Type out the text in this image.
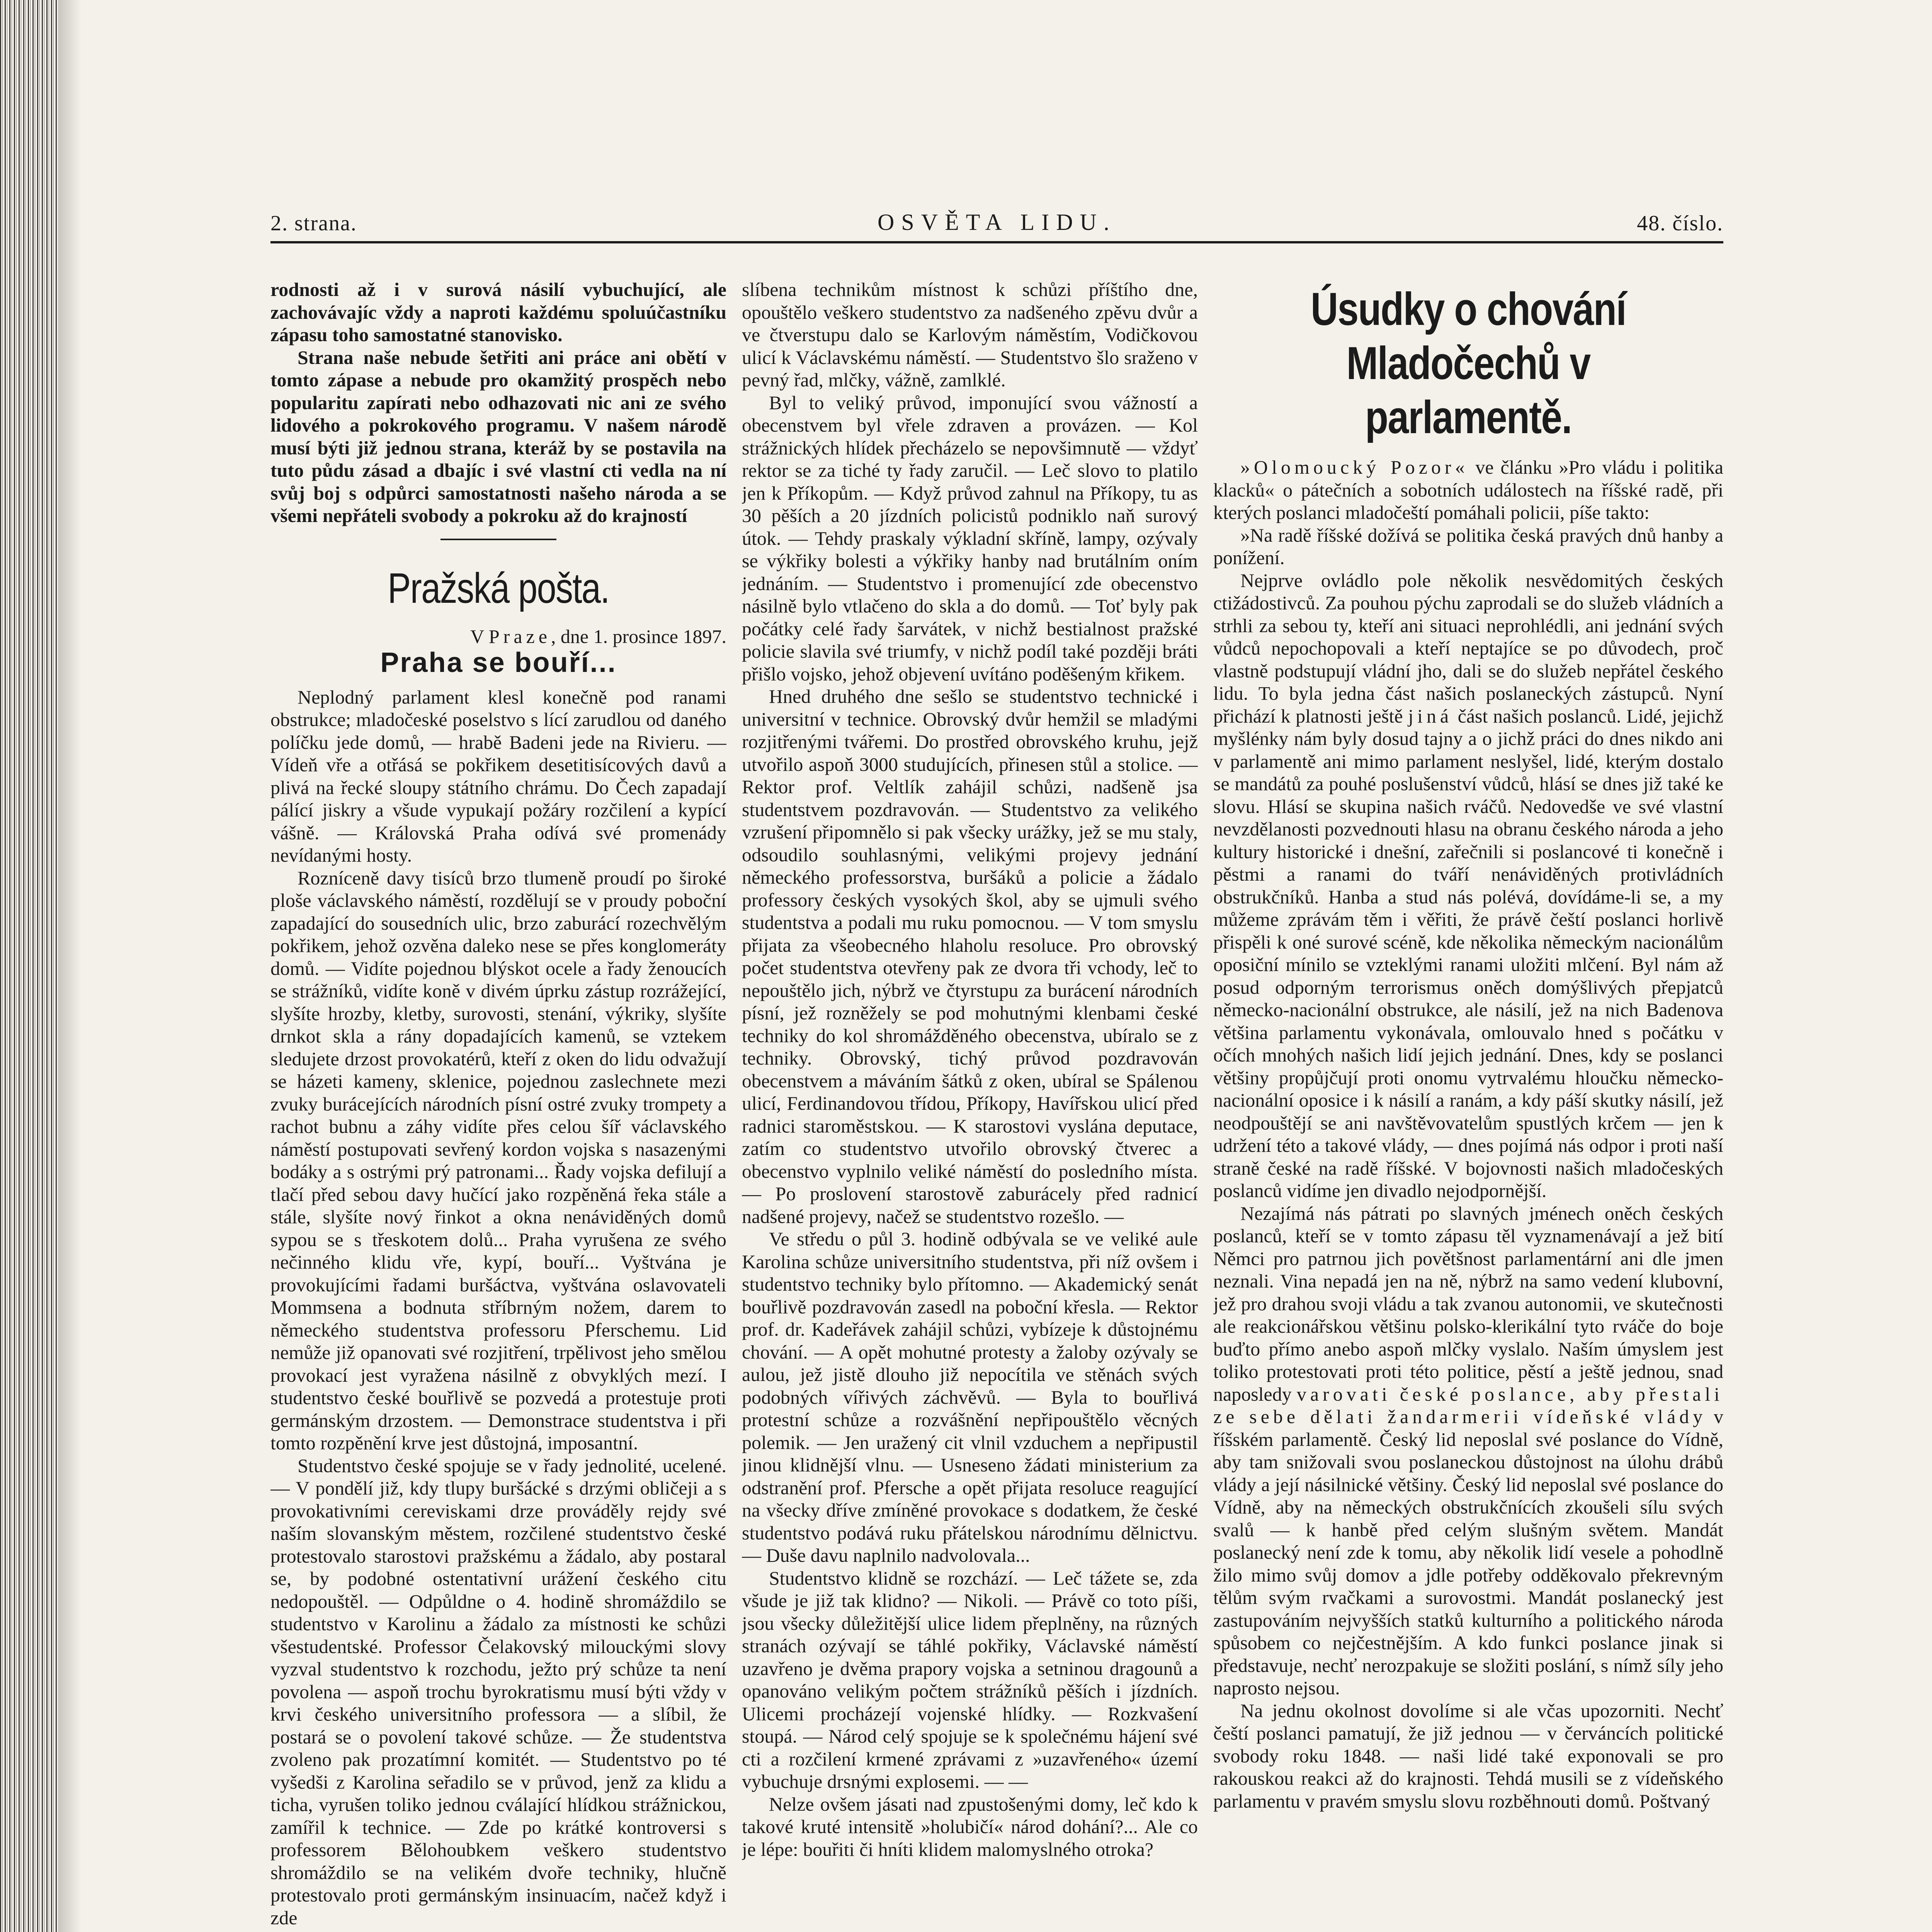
2. strana.	OSVĚTA LIDU.	48. číslo.

rodnosti až i v surová násilí vybuchující, ale zachovávajíc vždy a naproti každému spoluúčastníku zápasu toho samostatné stanovisko.

Strana naše nebude šetřiti ani práce ani obětí v tomto zápase a nebude pro okamžitý prospěch nebo popularitu zapírati nebo odhazovati nic ani ze svého lidového a pokrokového programu. V našem národě musí býti již jednou strana, kteráž by se postavila na tuto půdu zásad a dbajíc i své vlastní cti vedla na ní svůj boj s odpůrci samostatnosti našeho národa a se všemi nepřáteli svobody a pokroku až do krajností

Pražská pošta.

V Praze, dne 1. prosince 1897.

Praha se bouří...

Neplodný parlament klesl konečně pod ranami obstrukce; mladočeské poselstvo s lící zarudlou od daného políčku jede domů, — hrabě Badeni jede na Rivieru. — Vídeň vře a otřásá se pokřikem desetitisícových davů a plivá na řecké sloupy státního chrámu. Do Čech zapadají pálící jiskry a všude vypukají požáry rozčilení a kypící vášně. — Královská Praha odívá své promenády nevídanými hosty.

Rozníceně davy tisíců brzo tlumeně proudí po široké ploše václavského náměstí, rozdělují se v proudy poboční zapadající do sousedních ulic, brzo zaburácí rozechvělým pokřikem, jehož ozvěna daleko nese se přes konglomeráty domů. — Vidíte pojednou blýskot ocele a řady ženoucích se strážníků, vidíte koně v divém úprku zástup rozrážející, slyšíte hrozby, kletby, surovosti, stenání, výkriky, slyšíte drnkot skla a rány dopadajících kamenů, se vztekem sledujete drzost provokatérů, kteří z oken do lidu odvažují se házeti kameny, sklenice, pojednou zaslechnete mezi zvuky burácejících národních písní ostré zvuky trompety a rachot bubnu a záhy vidíte přes celou šíř václavského náměstí postupovati sevřený kordon vojska s nasazenými bodáky a s ostrými prý patronami... Řady vojska defilují a tlačí před sebou davy hučící jako rozpěněná řeka stále a stále, slyšíte nový řinkot a okna nenáviděných domů sypou se s třeskotem dolů... Praha vyrušena ze svého nečinného klidu vře, kypí, bouří... Vyštvána je provokujícími řadami buršáctva, vyštvána oslavovateli Mommsena a bodnuta stříbrným nožem, darem to německého studentstva professoru Pferschemu. Lid nemůže již opanovati své rozjitření, trpělivost jeho smělou provokací jest vyražena násilně z obvyklých mezí. I studentstvo české bouřlivě se pozvedá a protestuje proti germánským drzostem. — Demonstrace studentstva i při tomto rozpěnění krve jest důstojná, imposantní.

Studentstvo české spojuje se v řady jednolité, ucelené. — V pondělí již, kdy tlupy buršácké s drzými obličeji a s provokativními cereviskami drze prováděly rejdy své naším slovanským městem, rozčilené studentstvo české protestovalo starostovi pražskému a žádalo, aby postaral se, by podobné ostentativní urážení českého citu nedopouštěl. — Odpůldne o 4. hodině shromáždilo se studentstvo v Karolinu a žádalo za místnosti ke schůzi všestudentské. Professor Čelakovský milouckými slovy vyzval studentstvo k rozchodu, ježto prý schůze ta není povolena — aspoň trochu byrokratismu musí býti vždy v krvi českého universitního professora — a slíbil, že postará se o povolení takové schůze. — Že studentstva zvoleno pak prozatímní komitét. — Studentstvo po té vyšedši z Karolina seřadilo se v průvod, jenž za klidu a ticha, vyrušen toliko jednou cválající hlídkou strážnickou, zamířil k technice. — Zde po krátké kontroversi s professorem Bělohoubkem veškero studentstvo shromáždilo se na velikém dvoře techniky, hlučně protestovalo proti germánským insinuacím, načež když i zde

slíbena technikům místnost k schůzi příštího dne, opouštělo veškero studentstvo za nadšeného zpěvu dvůr a ve čtverstupu dalo se Karlovým náměstím, Vodičkovou ulicí k Václavskému náměstí. — Studentstvo šlo sraženo v pevný řad, mlčky, vážně, zamlklé.

Byl to veliký průvod, imponující svou vážností a obecenstvem byl vřele zdraven a provázen. — Kol strážnických hlídek přecházelo se nepovšimnutě — vždyť rektor se za tiché ty řady zaručil. — Leč slovo to platilo jen k Příkopům. — Když průvod zahnul na Příkopy, tu as 30 pěších a 20 jízdních policistů podniklo naň surový útok. — Tehdy praskaly výkladní skříně, lampy, ozývaly se výkřiky bolesti a výkřiky hanby nad brutálním oním jednáním. — Studentstvo i promenující zde obecenstvo násilně bylo vtlačeno do skla a do domů. — Toť byly pak počátky celé řady šarvátek, v nichž bestialnost pražské policie slavila své triumfy, v nichž podíl také později bráti přišlo vojsko, jehož objevení uvítáno poděšeným křikem.

Hned druhého dne sešlo se studentstvo technické i universitní v technice. Obrovský dvůr hemžil se mladými rozjitřenými tvářemi. Do prostřed obrovského kruhu, jejž utvořilo aspoň 3000 studujících, přinesen stůl a stolice. — Rektor prof. Veltlík zahájil schůzi, nadšeně jsa studentstvem pozdravován. — Studentstvo za velikého vzrušení připomnělo si pak všecky urážky, jež se mu staly, odsoudilo souhlasnými, velikými projevy jednání německého professorstva, buršáků a policie a žádalo professory českých vysokých škol, aby se ujmuli svého studentstva a podali mu ruku pomocnou. — V tom smyslu přijata za všeobecného hlaholu resoluce. Pro obrovský počet studentstva otevřeny pak ze dvora tři vchody, leč to nepouštělo jich, nýbrž ve čtyrstupu za burácení národních písní, jež rozněžely se pod mohutnými klenbami české techniky do kol shromážděného obecenstva, ubíralo se z techniky. Obrovský, tichý průvod pozdravován obecenstvem a máváním šátků z oken, ubíral se Spálenou ulicí, Ferdinandovou třídou, Příkopy, Havířskou ulicí před radnici staroměstskou. — K starostovi vyslána deputace, zatím co studentstvo utvořilo obrovský čtverec a obecenstvo vyplnilo veliké náměstí do posledního místa. — Po proslovení starostově zaburácely před radnicí nadšené projevy, načež se studentstvo rozešlo. —

Ve středu o půl 3. hodině odbývala se ve veliké aule Karolina schůze universitního studentstva, při níž ovšem i studentstvo techniky bylo přítomno. — Akademický senát bouřlivě pozdravován zasedl na poboční křesla. — Rektor prof. dr. Kadeřávek zahájil schůzi, vybízeje k důstojnému chování. — A opět mohutné protesty a žaloby ozývaly se aulou, jež jistě dlouho již nepocítila ve stěnách svých podobných vířivých záchvěvů. — Byla to bouřlivá protestní schůze a rozvášnění nepřipouštělo věcných polemik. — Jen uražený cit vlnil vzduchem a nepřipustil jinou klidnější vlnu. — Usneseno žádati ministerium za odstranění prof. Pfersche a opět přijata resoluce reagující na všecky dříve zmíněné provokace s dodatkem, že české studentstvo podává ruku přátelskou národnímu dělnictvu. — Duše davu naplnilo nadvolovala...

Studentstvo klidně se rozchází. — Leč tážete se, zda všude je již tak klidno? — Nikoli. — Právě co toto píši, jsou všecky důležitější ulice lidem přeplněny, na různých stranách ozývají se táhlé pokřiky, Václavské náměstí uzavřeno je dvěma prapory vojska a setninou dragounů a opanováno velikým počtem strážníků pěších i jízdních. Ulicemi procházejí vojenské hlídky. — Rozkvašení stoupá. — Národ celý spojuje se k společnému hájení své cti a rozčilení krmené zprávami z »uzavřeného« území vybuchuje drsnými explosemi. — —

Nelze ovšem jásati nad zpustošenými domy, leč kdo k takové kruté intensitě »holubičí« národ dohání?... Ale co je lépe: bouřiti či hníti klidem malomyslného otroka?

Úsudky o chování Mladočechů v parlamentě.

»Olomoucký Pozor« ve článku »Pro vládu i politika klacků« o pátečních a sobotních událostech na říšské radě, při kterých poslanci mladočeští pomáhali policii, píše takto:

»Na radě říšské dožívá se politika česká pravých dnů hanby a ponížení.

Nejprve ovládlo pole několik nesvědomitých českých ctižádostivců. Za pouhou pýchu zaprodali se do služeb vládních a strhli za sebou ty, kteří ani situaci neprohlédli, ani jednání svých vůdců nepochopovali a kteří neptajíce se po důvodech, proč vlastně podstupují vládní jho, dali se do služeb nepřátel českého lidu. To byla jedna část našich poslaneckých zástupců. Nyní přichází k platnosti ještě jiná část našich poslanců. Lidé, jejichž myšlénky nám byly dosud tajny a o jichž práci do dnes nikdo ani v parlamentě ani mimo parlament neslyšel, lidé, kterým dostalo se mandátů za pouhé poslušenství vůdců, hlásí se dnes již také ke slovu. Hlásí se skupina našich rváčů. Nedovedše ve své vlastní nevzdělanosti pozvednouti hlasu na obranu českého národa a jeho kultury historické i dnešní, zařečnili si poslancové ti konečně i pěstmi a ranami do tváří nenáviděných protivládních obstrukčníků. Hanba a stud nás polévá, dovídáme-li se, a my můžeme zprávám těm i věřiti, že právě čeští poslanci horlivě přispěli k oné surové scéně, kde několika německým nacionálům oposiční mínilo se vzteklými ranami uložiti mlčení. Byl nám až posud odporným terrorismus oněch domýšlivých přepjatců německo-nacionální obstrukce, ale násilí, jež na nich Badenova většina parlamentu vykonávala, omlouvalo hned s počátku v očích mnohých našich lidí jejich jednání. Dnes, kdy se poslanci většiny propůjčují proti onomu vytrvalému hloučku německo-nacionální oposice i k násilí a ranám, a kdy páší skutky násilí, jež neodpouštějí se ani navštěvovatelům spustlých krčem — jen k udržení této a takové vlády, — dnes pojímá nás odpor i proti naší straně české na radě říšské. V bojovnosti našich mladočeských poslanců vidíme jen divadlo nejodpornější.

Nezajímá nás pátrati po slavných jménech oněch českých poslanců, kteří se v tomto zápasu těl vyznamenávají a jež bití Němci pro patrnou jich povětšnost parlamentární ani dle jmen neznali. Vina nepadá jen na ně, nýbrž na samo vedení klubovní, jež pro drahou svoji vládu a tak zvanou autonomii, ve skutečnosti ale reakcionářskou většinu polsko-klerikální tyto rváče do boje buďto přímo anebo aspoň mlčky vyslalo. Naším úmyslem jest toliko protestovati proti této politice, pěstí a ještě jednou, snad naposledy varovati české poslance, aby přestali ze sebe dělati žandarmerii vídeňské vlády v říšském parlamentě. Český lid neposlal své poslance do Vídně, aby tam snižovali svou poslaneckou důstojnost na úlohu drábů vlády a její násilnické většiny. Český lid neposlal své poslance do Vídně, aby na německých obstrukčnících zkoušeli sílu svých svalů — k hanbě před celým slušným světem. Mandát poslanecký není zde k tomu, aby několik lidí vesele a pohodlně žilo mimo svůj domov a jdle potřeby odděkovalo překrevným tělům svým rvačkami a surovostmi. Mandát poslanecký jest zastupováním nejvyšších statků kulturního a politického národa spůsobem co nejčestnějším. A kdo funkci poslance jinak si představuje, nechť nerozpakuje se složiti poslání, s nímž síly jeho naprosto nejsou.

Na jednu okolnost dovolíme si ale včas upozorniti. Nechť čeští poslanci pamatují, že již jednou — v červáncích politické svobody roku 1848. — naši lidé také exponovali se pro rakouskou reakci až do krajnosti. Tehdá musili se z vídeňského parlamentu v pravém smyslu slovu rozběhnouti domů. Poštvaný
